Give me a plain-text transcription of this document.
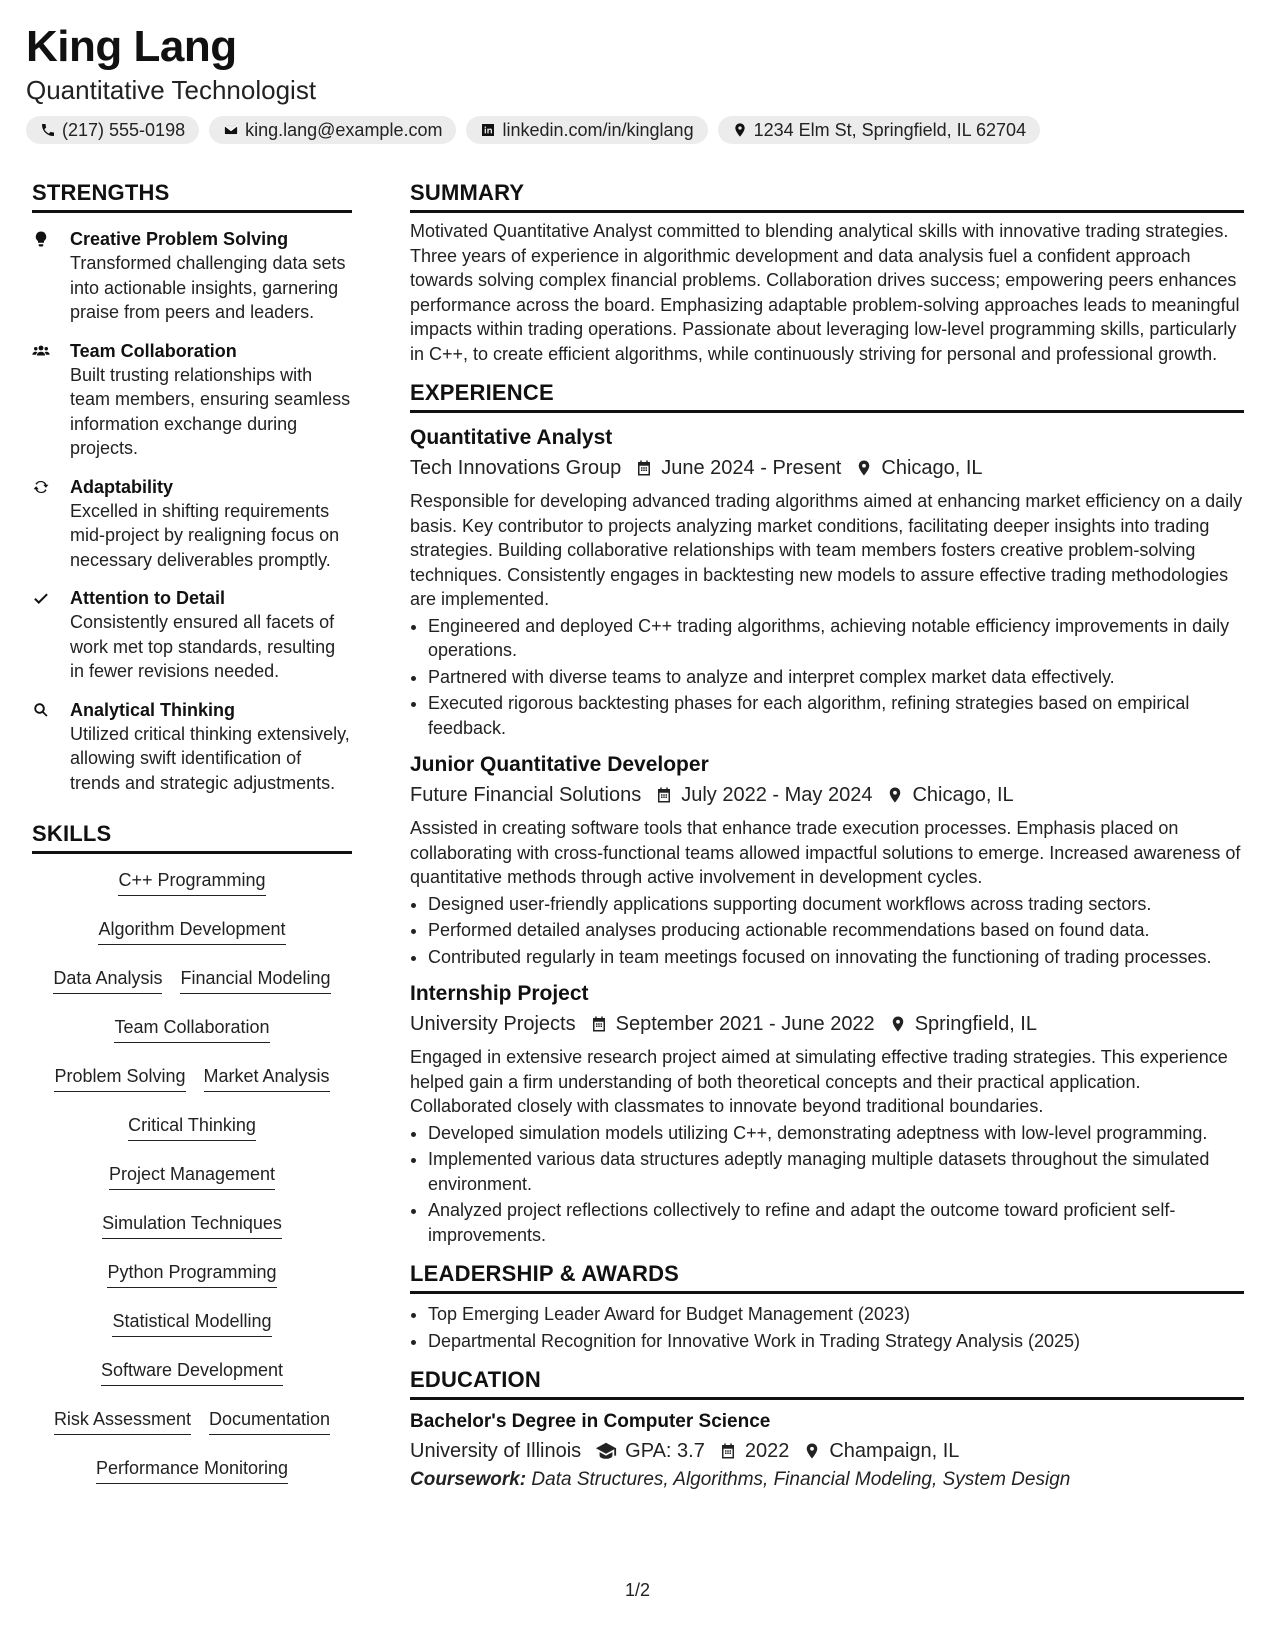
King Lang
Quantitative Technologist
(217) 555-0198	king.lang@example.com	linkedin.com/in/kinglang	1234 Elm St, Springfield, IL 62704
STRENGTHS
Creative Problem Solving
Transformed challenging data sets into actionable insights, garnering praise from peers and leaders.
Team Collaboration
Built trusting relationships with team members, ensuring seamless information exchange during projects.
Adaptability
Excelled in shifting requirements mid-project by realigning focus on necessary deliverables promptly.
Attention to Detail
Consistently ensured all facets of work met top standards, resulting in fewer revisions needed.
Analytical Thinking
Utilized critical thinking extensively, allowing swift identification of trends and strategic adjustments.
SKILLS
C++ Programming
Algorithm Development
Data Analysis Financial Modeling
Team Collaboration
Problem Solving Market Analysis
Critical Thinking
Project Management
Simulation Techniques
Python Programming
Statistical Modelling
Software Development
Risk Assessment Documentation
Performance Monitoring
SUMMARY
Motivated Quantitative Analyst committed to blending analytical skills with innovative trading strategies. Three years of experience in algorithmic development and data analysis fuel a confident approach towards solving complex financial problems. Collaboration drives success; empowering peers enhances performance across the board. Emphasizing adaptable problem-solving approaches leads to meaningful impacts within trading operations. Passionate about leveraging low-level programming skills, particularly in C++, to create efficient algorithms, while continuously striving for personal and professional growth.
EXPERIENCE
Quantitative Analyst
Tech Innovations Group June 2024 - Present Chicago, IL
Responsible for developing advanced trading algorithms aimed at enhancing market efficiency on a daily basis. Key contributor to projects analyzing market conditions, facilitating deeper insights into trading strategies. Building collaborative relationships with team members fosters creative problem-solving techniques. Consistently engages in backtesting new models to assure effective trading methodologies are implemented.
• Engineered and deployed C++ trading algorithms, achieving notable efficiency improvements in daily operations.
• Partnered with diverse teams to analyze and interpret complex market data effectively.
• Executed rigorous backtesting phases for each algorithm, refining strategies based on empirical feedback.
Junior Quantitative Developer
Future Financial Solutions July 2022 - May 2024 Chicago, IL
Assisted in creating software tools that enhance trade execution processes. Emphasis placed on collaborating with cross-functional teams allowed impactful solutions to emerge. Increased awareness of quantitative methods through active involvement in development cycles.
• Designed user-friendly applications supporting document workflows across trading sectors.
• Performed detailed analyses producing actionable recommendations based on found data.
• Contributed regularly in team meetings focused on innovating the functioning of trading processes.
Internship Project
University Projects September 2021 - June 2022 Springfield, IL
Engaged in extensive research project aimed at simulating effective trading strategies. This experience helped gain a firm understanding of both theoretical concepts and their practical application. Collaborated closely with classmates to innovate beyond traditional boundaries.
• Developed simulation models utilizing C++, demonstrating adeptness with low-level programming.
• Implemented various data structures adeptly managing multiple datasets throughout the simulated environment.
• Analyzed project reflections collectively to refine and adapt the outcome toward proficient self-improvements.
LEADERSHIP & AWARDS
• Top Emerging Leader Award for Budget Management (2023)
• Departmental Recognition for Innovative Work in Trading Strategy Analysis (2025)
EDUCATION
Bachelor's Degree in Computer Science
University of Illinois GPA: 3.7 2022 Champaign, IL
Coursework: Data Structures, Algorithms, Financial Modeling, System Design
1/2
